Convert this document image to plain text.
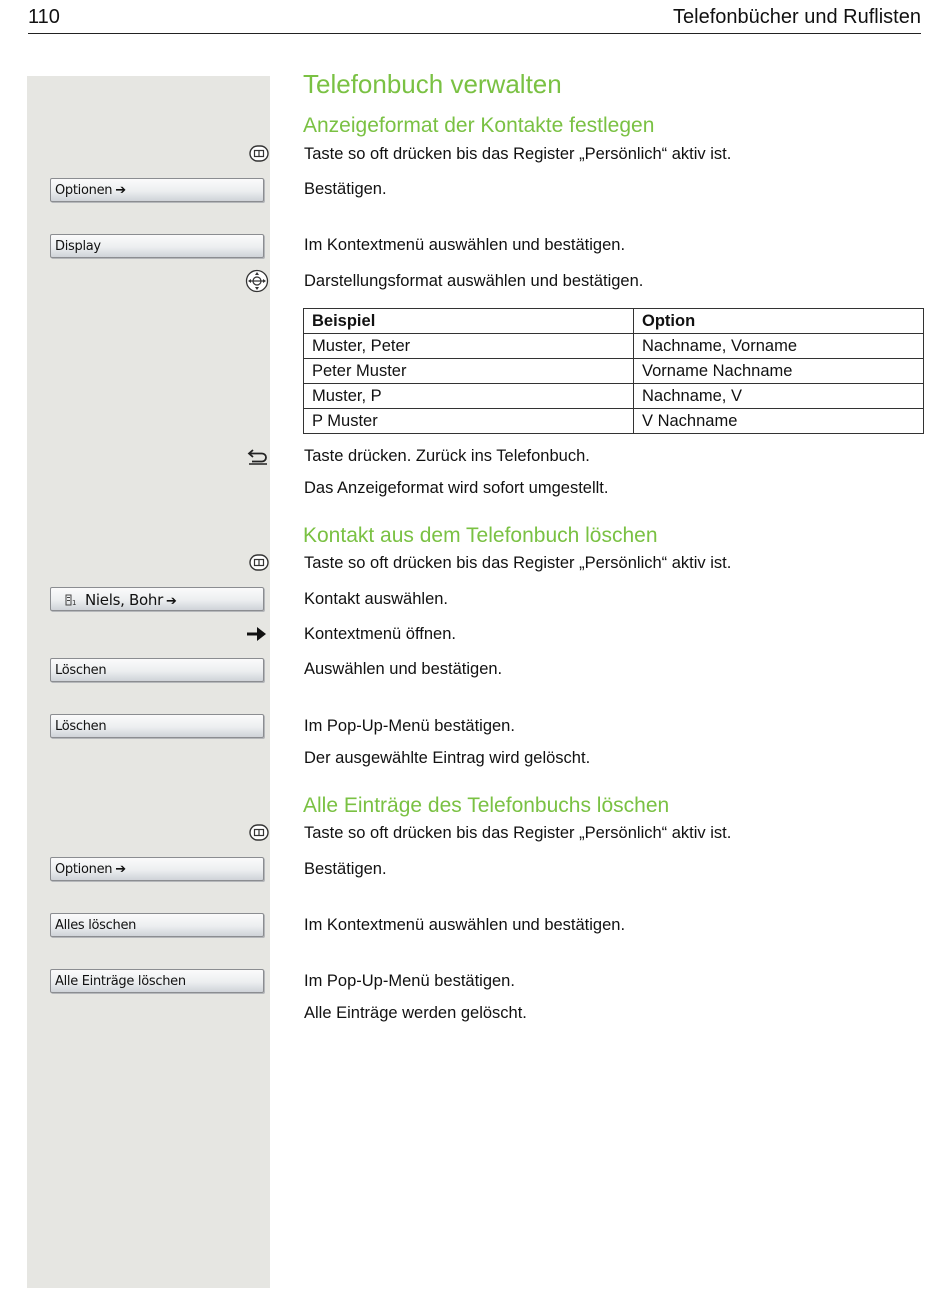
110	Telefonbücher und Ruflisten
Telefonbuch verwalten
Anzeigeformat der Kontakte festlegen
Taste so oft drücken bis das Register „Persönlich“ aktiv ist.
Optionen ➔	Bestätigen.
Display	Im Kontextmenü auswählen und bestätigen.
Darstellungsformat auswählen und bestätigen.
Beispiel	Option
Muster, Peter	Nachname, Vorname
Peter Muster	Vorname Nachname
Muster, P	Nachname, V
P Muster	V Nachname
Taste drücken. Zurück ins Telefonbuch.
Das Anzeigeformat wird sofort umgestellt.
Kontakt aus dem Telefonbuch löschen
Taste so oft drücken bis das Register „Persönlich“ aktiv ist.
1 Niels, Bohr ➔	Kontakt auswählen.
Kontextmenü öffnen.
Löschen	Auswählen und bestätigen.
Löschen	Im Pop-Up-Menü bestätigen.
Der ausgewählte Eintrag wird gelöscht.
Alle Einträge des Telefonbuchs löschen
Taste so oft drücken bis das Register „Persönlich“ aktiv ist.
Optionen ➔	Bestätigen.
Alles löschen	Im Kontextmenü auswählen und bestätigen.
Alle Einträge löschen	Im Pop-Up-Menü bestätigen.
Alle Einträge werden gelöscht.
